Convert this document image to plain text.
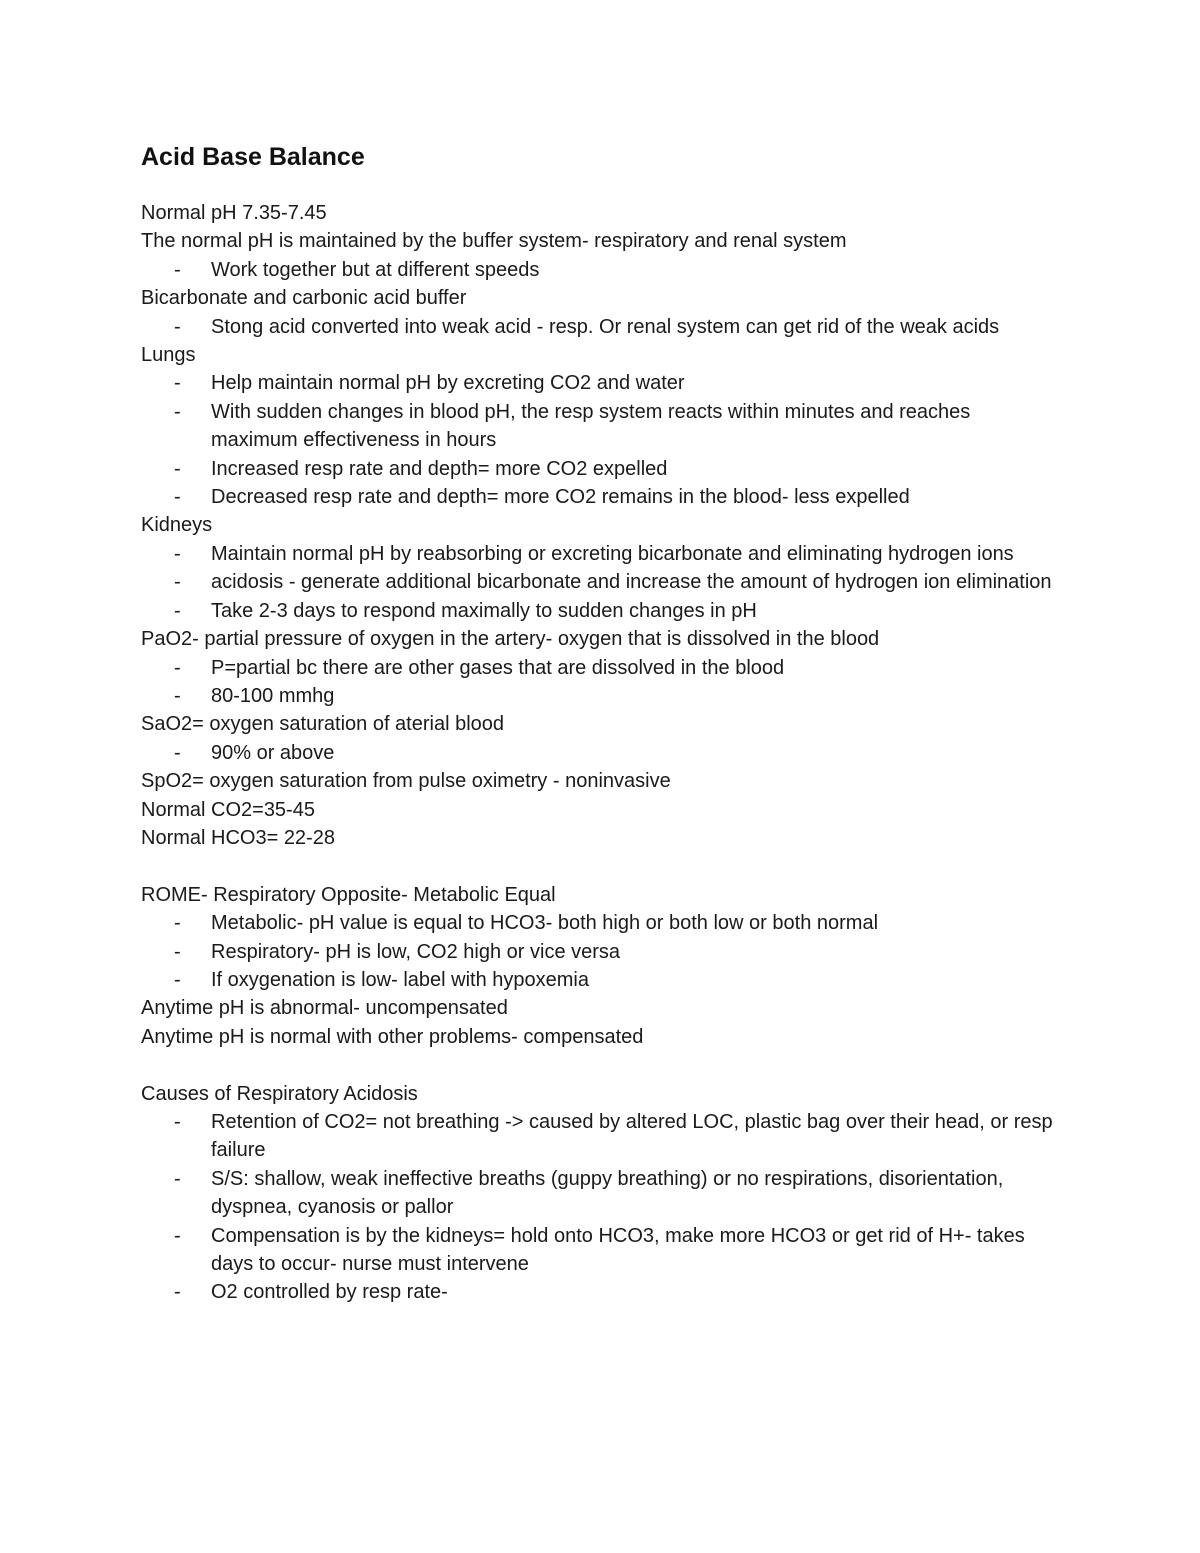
Acid Base Balance
Normal pH 7.35-7.45
The normal pH is maintained by the buffer system- respiratory and renal system
- Work together but at different speeds
Bicarbonate and carbonic acid buffer
- Stong acid converted into weak acid - resp. Or renal system can get rid of the weak acids
Lungs
- Help maintain normal pH by excreting CO2 and water
- With sudden changes in blood pH, the resp system reacts within minutes and reaches maximum effectiveness in hours
- Increased resp rate and depth= more CO2 expelled
- Decreased resp rate and depth= more CO2 remains in the blood- less expelled
Kidneys
- Maintain normal pH by reabsorbing or excreting bicarbonate and eliminating hydrogen ions
- acidosis - generate additional bicarbonate and increase the amount of hydrogen ion elimination
- Take 2-3 days to respond maximally to sudden changes in pH
PaO2- partial pressure of oxygen in the artery- oxygen that is dissolved in the blood
- P=partial bc there are other gases that are dissolved in the blood
- 80-100 mmhg
SaO2= oxygen saturation of aterial blood
- 90% or above
SpO2= oxygen saturation from pulse oximetry - noninvasive
Normal CO2=35-45
Normal HCO3= 22-28
ROME- Respiratory Opposite- Metabolic Equal
- Metabolic- pH value is equal to HCO3- both high or both low or both normal
- Respiratory- pH is low, CO2 high or vice versa
- If oxygenation is low- label with hypoxemia
Anytime pH is abnormal- uncompensated
Anytime pH is normal with other problems- compensated
Causes of Respiratory Acidosis
- Retention of CO2= not breathing -> caused by altered LOC, plastic bag over their head, or resp failure
- S/S: shallow, weak ineffective breaths (guppy breathing) or no respirations, disorientation, dyspnea, cyanosis or pallor
- Compensation is by the kidneys= hold onto HCO3, make more HCO3 or get rid of H+- takes days to occur- nurse must intervene
- O2 controlled by resp rate-
